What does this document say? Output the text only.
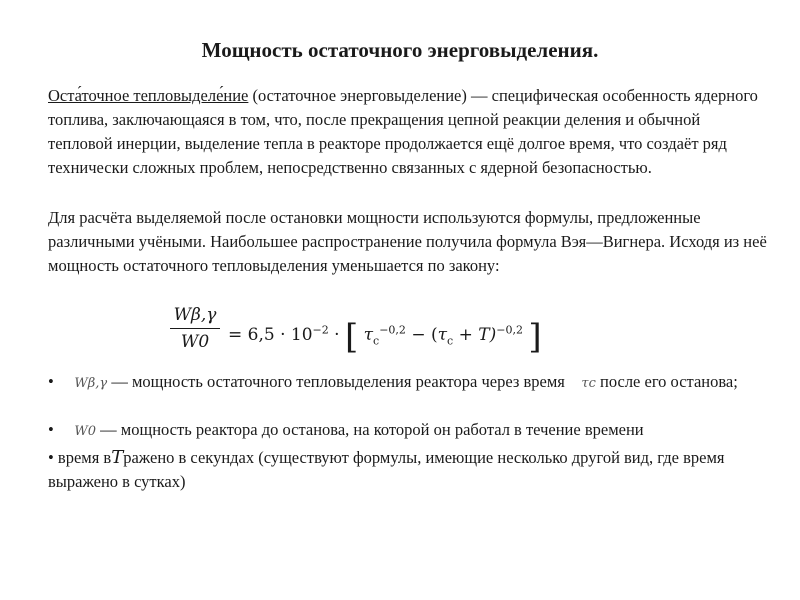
Мощность остаточного энерговыделения.
Оста́точное тепловыделе́ние (остаточное энерговыделение) — специфическая особенность ядерного топлива, заключающаяся в том, что, после прекращения цепной реакции деления и обычной тепловой инерции, выделение тепла в реакторе продолжается ещё долгое время, что создаёт ряд технически сложных проблем, непосредственно связанных с ядерной безопасностью.
Для расчёта выделяемой после остановки мощности используются формулы, предложенные различными учёными. Наибольшее распространение получила формула Вэя—Вигнера. Исходя из неё мощность остаточного тепловыделения уменьшается по закону:
Wβ,γ
W0	= $6,5 \cdot 10^{-2}$ · [ $\tau_c^{-0,2} - (\tau_c + T)^{-0,2}$ ]
• Wβ,γ — мощность остаточного тепловыделения реактора через время τc после его останова;
• W0 — мощность реактора до останова, на которой он работал в течение времени
• время вTражено в секундах (существуют формулы, имеющие несколько другой вид, где время выражено в сутках)
